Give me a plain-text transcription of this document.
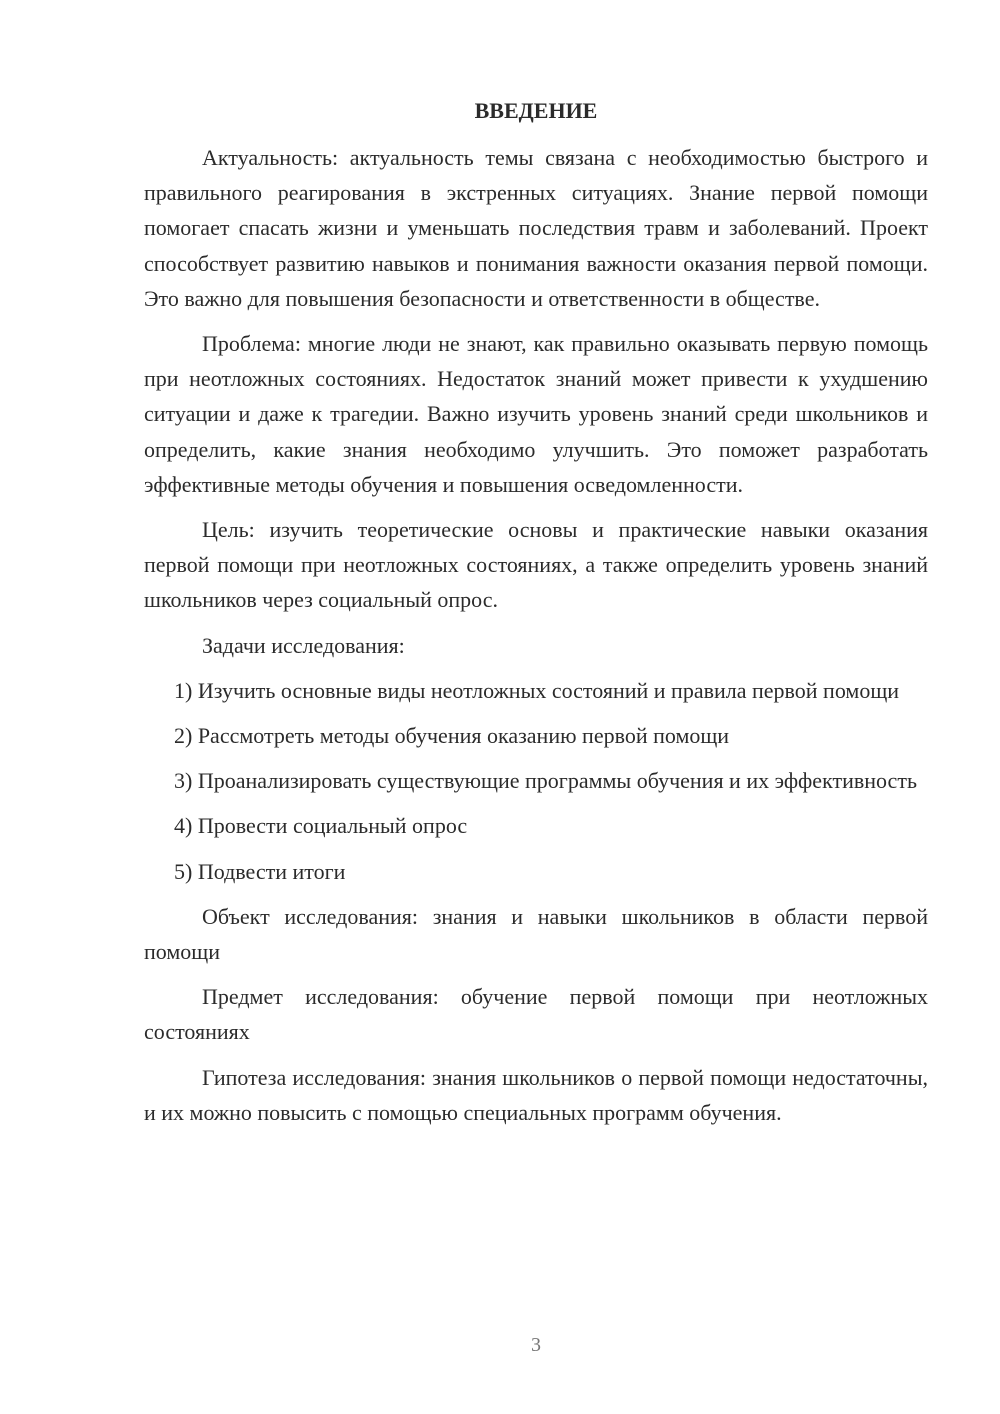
ВВЕДЕНИЕ

Актуальность: актуальность темы связана с необходимостью быстрого и правильного реагирования в экстренных ситуациях. Знание первой помощи помогает спасать жизни и уменьшать последствия травм и заболеваний. Проект способствует развитию навыков и понимания важности оказания первой помощи. Это важно для повышения безопасности и ответственности в обществе.

Проблема: многие люди не знают, как правильно оказывать первую помощь при неотложных состояниях. Недостаток знаний может привести к ухудшению ситуации и даже к трагедии. Важно изучить уровень знаний среди школьников и определить, какие знания необходимо улучшить. Это поможет разработать эффективные методы обучения и повышения осведомленности.

Цель: изучить теоретические основы и практические навыки оказания первой помощи при неотложных состояниях, а также определить уровень знаний школьников через социальный опрос.

Задачи исследования:

1) Изучить основные виды неотложных состояний и правила первой помощи

2) Рассмотреть методы обучения оказанию первой помощи

3) Проанализировать существующие программы обучения и их эффективность

4) Провести социальный опрос

5) Подвести итоги

Объект исследования: знания и навыки школьников в области первой помощи

Предмет исследования: обучение первой помощи при неотложных состояниях

Гипотеза исследования: знания школьников о первой помощи недостаточны, и их можно повысить с помощью специальных программ обучения.

3
